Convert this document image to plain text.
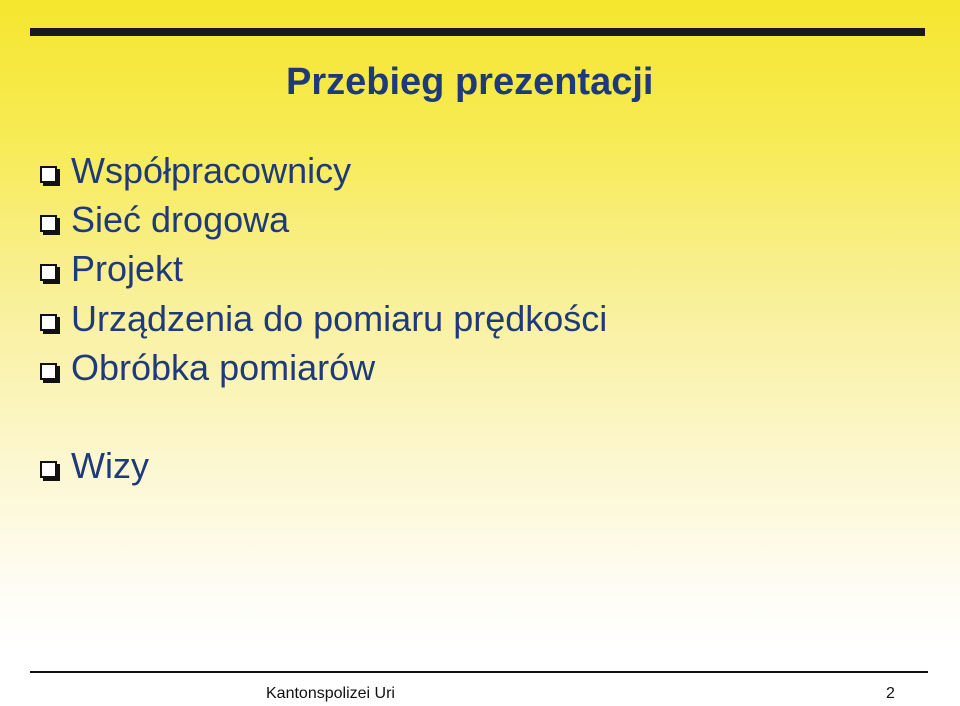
Przebieg prezentacji
Współpracownicy
Sieć drogowa
Projekt
Urządzenia do pomiaru prędkości
Obróbka pomiarów
Wizy
Kantonspolizei Uri	2
